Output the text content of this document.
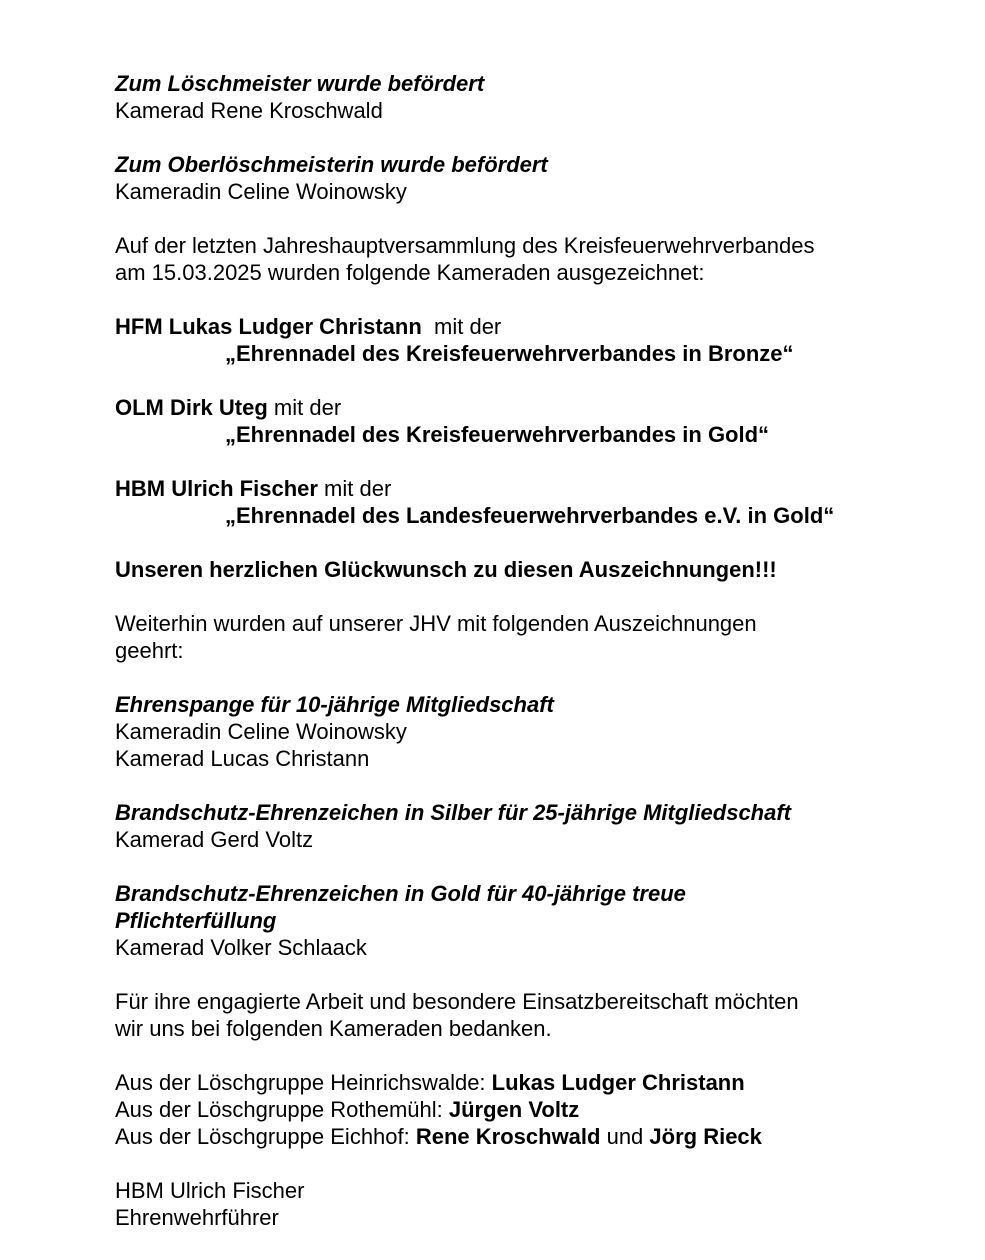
Zum Löschmeister wurde befördert

Kamerad Rene Kroschwald

Zum Oberlöschmeisterin wurde befördert

Kameradin Celine Woinowsky

Auf der letzten Jahreshauptversammlung des Kreisfeuerwehrverbandes

am 15.03.2025 wurden folgende Kameraden ausgezeichnet:

HFM Lukas Ludger Christann  mit der

„Ehrennadel des Kreisfeuerwehrverbandes in Bronze“

OLM Dirk Uteg mit der

„Ehrennadel des Kreisfeuerwehrverbandes in Gold“

HBM Ulrich Fischer mit der

„Ehrennadel des Landesfeuerwehrverbandes e.V. in Gold“

Unseren herzlichen Glückwunsch zu diesen Auszeichnungen!!!

Weiterhin wurden auf unserer JHV mit folgenden Auszeichnungen

geehrt:

Ehrenspange für 10-jährige Mitgliedschaft

Kameradin Celine Woinowsky

Kamerad Lucas Christann

Brandschutz-Ehrenzeichen in Silber für 25-jährige Mitgliedschaft

Kamerad Gerd Voltz

Brandschutz-Ehrenzeichen in Gold für 40-jährige treue

Pflichterfüllung

Kamerad Volker Schlaack

Für ihre engagierte Arbeit und besondere Einsatzbereitschaft möchten

wir uns bei folgenden Kameraden bedanken.

Aus der Löschgruppe Heinrichswalde: Lukas Ludger Christann

Aus der Löschgruppe Rothemühl: Jürgen Voltz

Aus der Löschgruppe Eichhof: Rene Kroschwald und Jörg Rieck

HBM Ulrich Fischer

Ehrenwehrführer
